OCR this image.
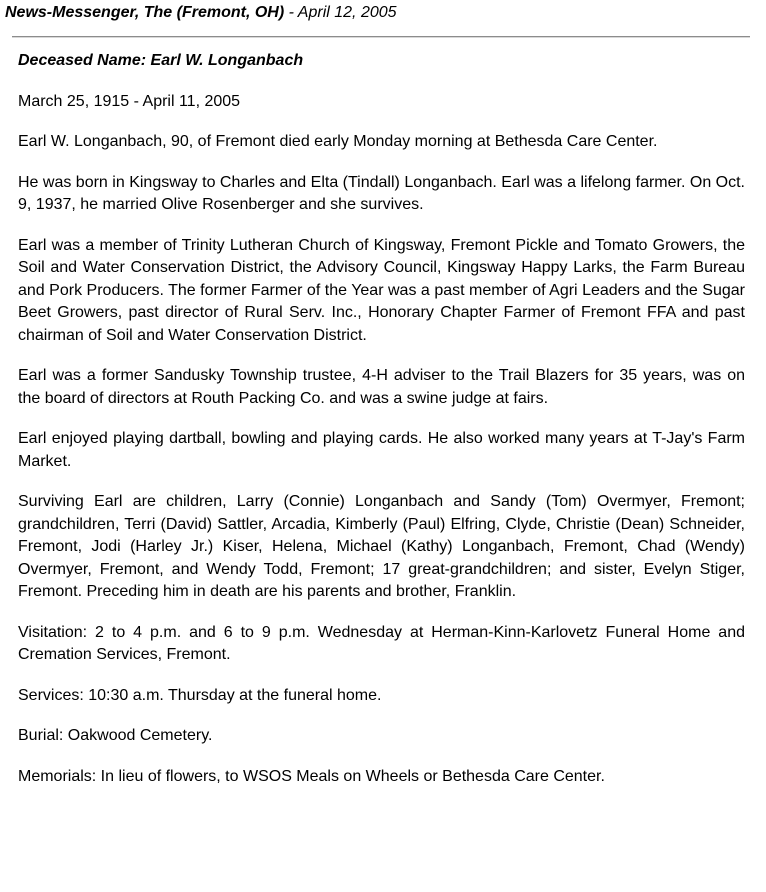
News-Messenger, The (Fremont, OH) - April 12, 2005
Deceased Name: Earl W. Longanbach

March 25, 1915 - April 11, 2005

Earl W. Longanbach, 90, of Fremont died early Monday morning at Bethesda Care Center.

He was born in Kingsway to Charles and Elta (Tindall) Longanbach. Earl was a lifelong farmer. On Oct. 9, 1937, he married Olive Rosenberger and she survives.

Earl was a member of Trinity Lutheran Church of Kingsway, Fremont Pickle and Tomato Growers, the Soil and Water Conservation District, the Advisory Council, Kingsway Happy Larks, the Farm Bureau and Pork Producers. The former Farmer of the Year was a past member of Agri Leaders and the Sugar Beet Growers, past director of Rural Serv. Inc., Honorary Chapter Farmer of Fremont FFA and past chairman of Soil and Water Conservation District.

Earl was a former Sandusky Township trustee, 4-H adviser to the Trail Blazers for 35 years, was on the board of directors at Routh Packing Co. and was a swine judge at fairs.

Earl enjoyed playing dartball, bowling and playing cards. He also worked many years at T-Jay's Farm Market.

Surviving Earl are children, Larry (Connie) Longanbach and Sandy (Tom) Overmyer, Fremont; grandchildren, Terri (David) Sattler, Arcadia, Kimberly (Paul) Elfring, Clyde, Christie (Dean) Schneider, Fremont, Jodi (Harley Jr.) Kiser, Helena, Michael (Kathy) Longanbach, Fremont, Chad (Wendy) Overmyer, Fremont, and Wendy Todd, Fremont; 17 great-grandchildren; and sister, Evelyn Stiger, Fremont. Preceding him in death are his parents and brother, Franklin.

Visitation: 2 to 4 p.m. and 6 to 9 p.m. Wednesday at Herman-Kinn-Karlovetz Funeral Home and Cremation Services, Fremont.

Services: 10:30 a.m. Thursday at the funeral home.

Burial: Oakwood Cemetery.

Memorials: In lieu of flowers, to WSOS Meals on Wheels or Bethesda Care Center.
